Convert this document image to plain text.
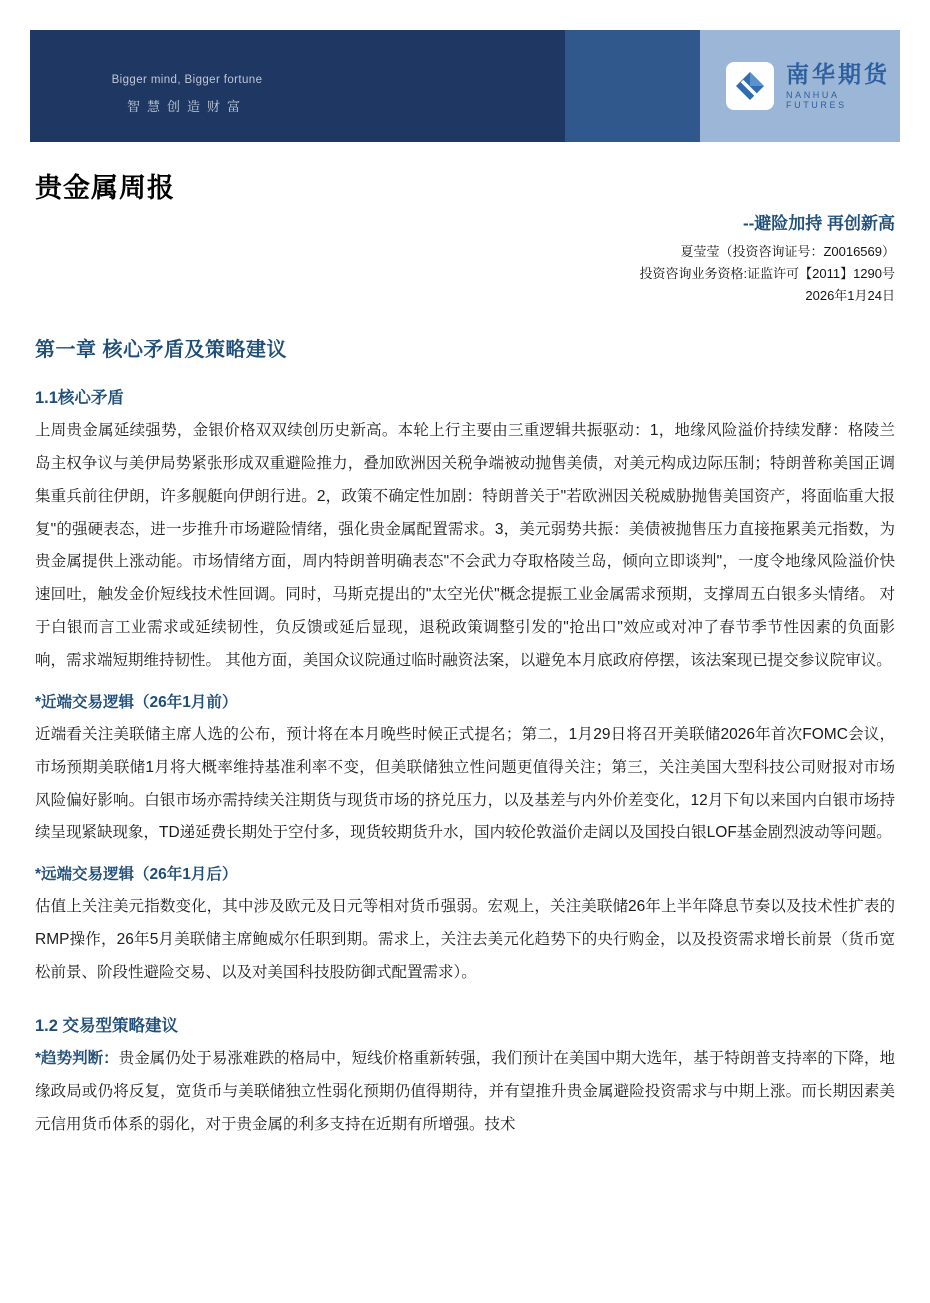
Bigger mind, Bigger fortune
智慧创造财富
南华期货
NANHUA FUTURES
贵金属周报
--避险加持 再创新高
夏莹莹（投资咨询证号：Z0016569）
投资咨询业务资格:证监许可【2011】1290号
2026年1月24日
第一章 核心矛盾及策略建议
1.1核心矛盾

上周贵金属延续强势，金银价格双双续创历史新高。本轮上行主要由三重逻辑共振驱动：1，地缘风险溢价持续发酵：格陵兰岛主权争议与美伊局势紧张形成双重避险推力，叠加欧洲因关税争端被动抛售美债，对美元构成边际压制；特朗普称美国正调集重兵前往伊朗，许多舰艇向伊朗行进。2，政策不确定性加剧：特朗普关于"若欧洲因关税威胁抛售美国资产，将面临重大报复"的强硬表态，进一步推升市场避险情绪，强化贵金属配置需求。3，美元弱势共振：美债被抛售压力直接拖累美元指数，为贵金属提供上涨动能。市场情绪方面，周内特朗普明确表态"不会武力夺取格陵兰岛，倾向立即谈判"，一度令地缘风险溢价快速回吐，触发金价短线技术性回调。同时，马斯克提出的"太空光伏"概念提振工业金属需求预期，支撑周五白银多头情绪。 对于白银而言工业需求或延续韧性，负反馈或延后显现，退税政策调整引发的"抢出口"效应或对冲了春节季节性因素的负面影响，需求端短期维持韧性。 其他方面，美国众议院通过临时融资法案，以避免本月底政府停摆，该法案现已提交参议院审议。

*近端交易逻辑（26年1月前）

近端看关注美联储主席人选的公布，预计将在本月晚些时候正式提名；第二，1月29日将召开美联储2026年首次FOMC会议，市场预期美联储1月将大概率维持基准利率不变，但美联储独立性问题更值得关注；第三，关注美国大型科技公司财报对市场风险偏好影响。白银市场亦需持续关注期货与现货市场的挤兑压力，以及基差与内外价差变化，12月下旬以来国内白银市场持续呈现紧缺现象，TD递延费长期处于空付多，现货较期货升水，国内较伦敦溢价走阔以及国投白银LOF基金剧烈波动等问题。

*远端交易逻辑（26年1月后）

估值上关注美元指数变化，其中涉及欧元及日元等相对货币强弱。宏观上，关注美联储26年上半年降息节奏以及技术性扩表的RMP操作，26年5月美联储主席鲍威尔任职到期。需求上，关注去美元化趋势下的央行购金，以及投资需求增长前景（货币宽松前景、阶段性避险交易、以及对美国科技股防御式配置需求）。

1.2 交易型策略建议

*趋势判断：贵金属仍处于易涨难跌的格局中，短线价格重新转强，我们预计在美国中期大选年，基于特朗普支持率的下降，地缘政局或仍将反复，宽货币与美联储独立性弱化预期仍值得期待，并有望推升贵金属避险投资需求与中期上涨。而长期因素美元信用货币体系的弱化，对于贵金属的利多支持在近期有所增强。技术
